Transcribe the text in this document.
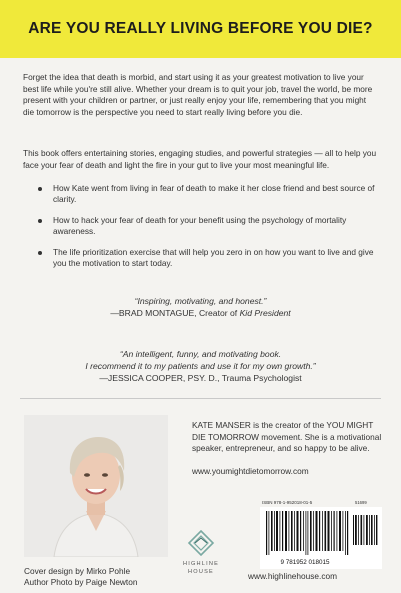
ARE YOU REALLY LIVING BEFORE YOU DIE?

Forget the idea that death is morbid, and start using it as your greatest motivation to live your best life while you're still alive. Whether your dream is to quit your job, travel the world, be more present with your children or partner, or just really enjoy your life, remembering that you might die tomorrow is the perspective you need to start really living before you die.

This book offers entertaining stories, engaging studies, and powerful strategies — all to help you face your fear of death and light the fire in your gut to live your most meaningful life.

How Kate went from living in fear of death to make it her close friend and best source of clarity.
How to hack your fear of death for your benefit using the psychology of mortality awareness.
The life prioritization exercise that will help you zero in on how you want to live and give you the motivation to start today.

“Inspiring, motivating, and honest.”
—BRAD MONTAGUE, Creator of Kid President

“An intelligent, funny, and motivating book.
I recommend it to my patients and use it for my own growth.”
—JESSICA COOPER, PSY. D., Trauma Psychologist

KATE MANSER is the creator of the YOU MIGHT DIE TOMORROW movement. She is a motivational speaker, entrepreneur, and so happy to be alive.

www.youmightdietomorrow.com
ISBN 978-1-952018-01-5	51699
9 781952 018015
HIGHLINE
HOUSE
Cover design by Mirko Pohle
Author Photo by Paige Newton
www.highlinehouse.com
